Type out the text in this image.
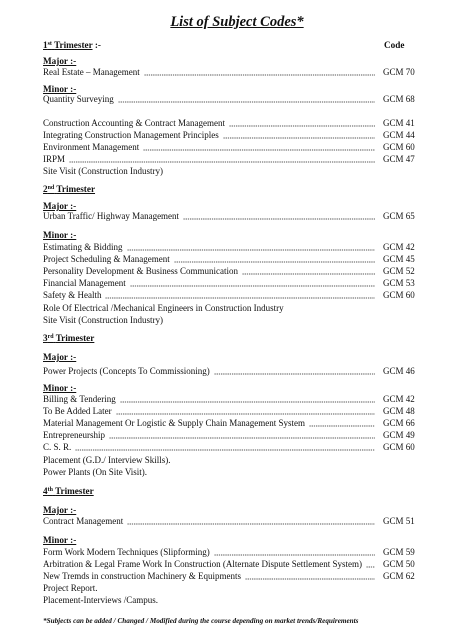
List of Subject Codes*
Code
1st Trimester :-
Major :-
Real Estate – Management	GCM 70
Minor :-
Quantity Surveying	GCM 68
Construction Accounting & Contract Management	GCM 41
Integrating Construction Management Principles	GCM 44
Environment Management	GCM 60
IRPM	GCM 47
Site Visit (Construction Industry)
2nd Trimester
Major :-
Urban Traffic/ Highway Management	GCM 65
Minor :-
Estimating & Bidding	GCM 42
Project Scheduling & Management	GCM 45
Personality Development & Business Communication	GCM 52
Financial Management	GCM 53
Safety & Health	GCM 60
Role Of Electrical /Mechanical Engineers in Construction Industry
Site Visit (Construction Industry)
3rd Trimester
Major :-
Power Projects (Concepts To Commissioning)	GCM 46
Minor :-
Billing & Tendering	GCM 42
To Be Added Later	GCM 48
Material Management Or Logistic & Supply Chain Management System	GCM 66
Entrepreneurship	GCM 49
C. S. R.	GCM 60
Placement (G.D./ Interview Skills).
Power Plants (On Site Visit).
4th Trimester
Major :-
Contract Management	GCM 51
Minor :-
Form Work Modern Techniques (Slipforming)	GCM 59
Arbitration & Legal Frame Work In Construction (Alternate Dispute Settlement System) GCM 50
New Tremds in construction Machinery & Equipments	GCM 62
Project Report.
Placement-Interviews /Campus.
*Subjects can be added / Changed / Modified during the course depending on market trends/Requirements
